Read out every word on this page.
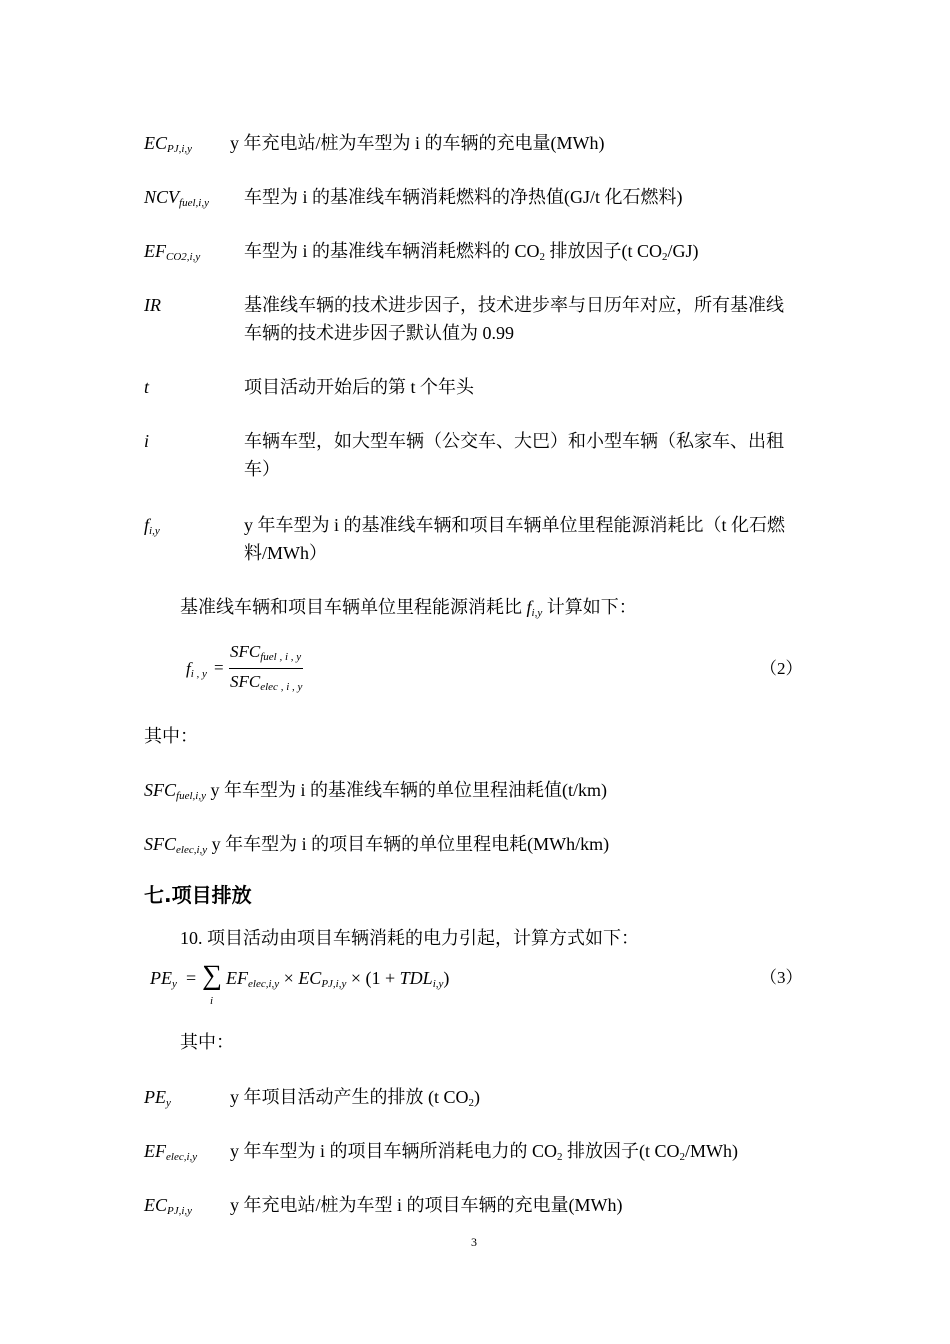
$EC_{PJ,i,y}$ y 年充电站/桩为车型为 i 的车辆的充电量(MWh)
$NCV_{fuel,i,y}$ 车型为 i 的基准线车辆消耗燃料的净热值(GJ/t 化石燃料)
$EF_{CO2,i,y}$ 车型为 i 的基准线车辆消耗燃料的 CO2 排放因子(t CO2/GJ)
IR	基准线车辆的技术进步因子，技术进步率与日历年对应，所有基准线
车辆的技术进步因子默认值为 0.99
t	项目活动开始后的第 t 个年头
i	车辆车型，如大型车辆（公交车、大巴）和小型车辆（私家车、出租
车）
$f_{i,y}$	y 年车型为 i 的基准线车辆和项目车辆单位里程能源消耗比（t 化石燃
料/MWh）
基准线车辆和项目车辆单位里程能源消耗比 $f_{i,y}$ 计算如下：
$f_{i , y}$ =
$SFC_{fuel , i , y}$
$SFC_{elec , i , y}$
（2）
其中：
$SFC_{fuel,i,y}$ y 年车型为 i 的基准线车辆的单位里程油耗值(t/km)
$SFC_{elec,i,y}$ y 年车型为 i 的项目车辆的单位里程电耗(MWh/km)
七.项目排放
10. 项目活动由项目车辆消耗的电力引起，计算方式如下：
$PE_y$ = ∑
i
$EF_{elec,i,y} \times EC_{PJ,i,y} \times (1 + TDL_{i,y})$	（3）
其中：
$PE_y$	y 年项目活动产生的排放 (t CO2)
$EF_{elec,i,y}$ y 年车型为 i 的项目车辆所消耗电力的 CO2 排放因子(t CO2/MWh)
$EC_{PJ,i,y}$ y 年充电站/桩为车型 i 的项目车辆的充电量(MWh)
3
